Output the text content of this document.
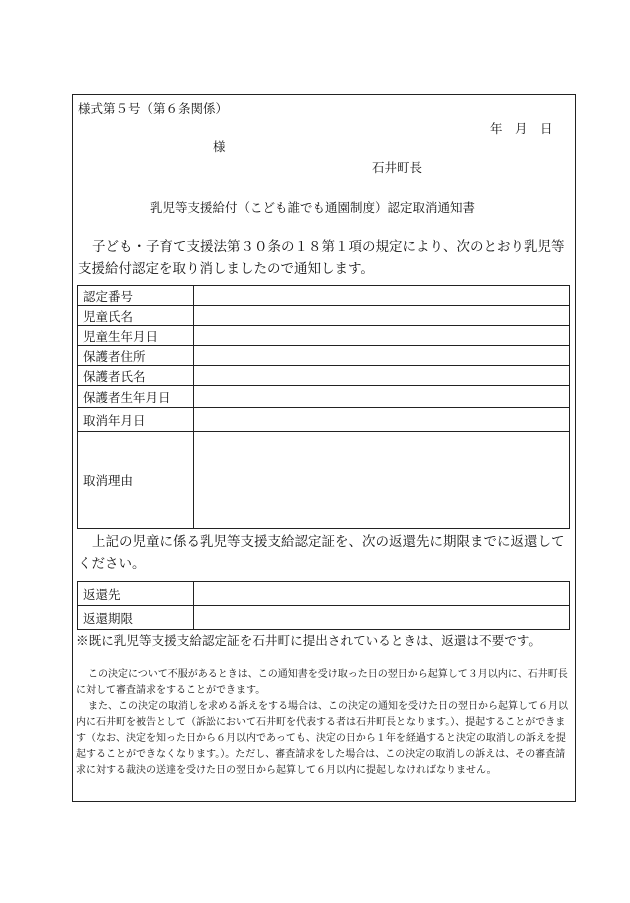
様式第５号（第６条関係）
年　月　日
様
石井町長
乳児等支援給付（こども誰でも通園制度）認定取消通知書
子ども・子育て支援法第３０条の１８第１項の規定により、次のとおり乳児等支援給付認定を取り消しましたので通知します。
認定番号	
児童氏名	
児童生年月日	
保護者住所	
保護者氏名	
保護者生年月日	
取消年月日	
取消理由	
上記の児童に係る乳児等支援支給認定証を、次の返還先に期限までに返還してください。
返還先	
返還期限	
※既に乳児等支援支給認定証を石井町に提出されているときは、返還は不要です。
この決定について不服があるときは、この通知書を受け取った日の翌日から起算して３月以内に、石井町長に対して審査請求をすることができます。
また、この決定の取消しを求める訴えをする場合は、この決定の通知を受けた日の翌日から起算して６月以内に石井町を被告として（訴訟において石井町を代表する者は石井町長となります。）、提起することができます（なお、決定を知った日から６月以内であっても、決定の日から１年を経過すると決定の取消しの訴えを提起することができなくなります。）。ただし、審査請求をした場合は、この決定の取消しの訴えは、その審査請求に対する裁決の送達を受けた日の翌日から起算して６月以内に提起しなければなりません。
